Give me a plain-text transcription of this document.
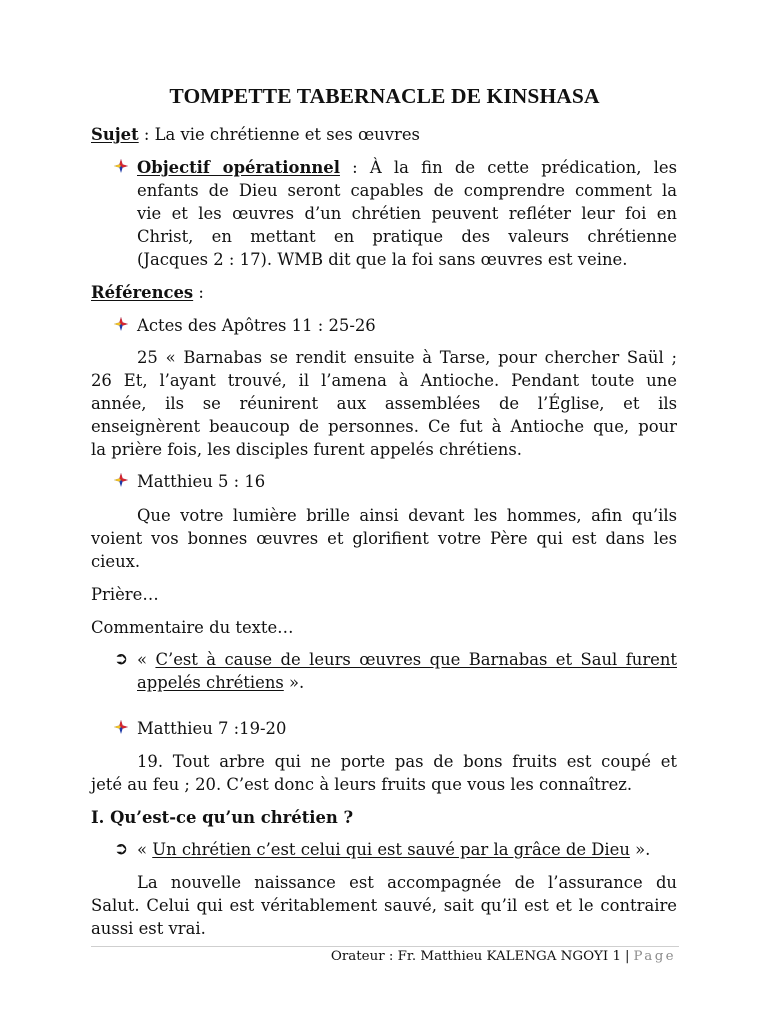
TOMPETTE TABERNACLE DE KINSHASA
Sujet : La vie chrétienne et ses œuvres
Objectif opérationnel : À la fin de cette prédication, les
enfants de Dieu seront capables de comprendre comment la
vie et les œuvres d’un chrétien peuvent refléter leur foi en
Christ, en mettant en pratique des valeurs chrétienne
(Jacques 2 : 17). WMB dit que la foi sans œuvres est veine.
Références :
Actes des Apôtres 11 : 25-26
25 « Barnabas se rendit ensuite à Tarse, pour chercher Saül ;
26 Et, l’ayant trouvé, il l’amena à Antioche. Pendant toute une
année, ils se réunirent aux assemblées de l’Église, et ils
enseignèrent beaucoup de personnes. Ce fut à Antioche que, pour
la prière fois, les disciples furent appelés chrétiens.
Matthieu 5 : 16
Que votre lumière brille ainsi devant les hommes, afin qu’ils
voient vos bonnes œuvres et glorifient votre Père qui est dans les
cieux.
Prière…
Commentaire du texte…
➲ « C’est à cause de leurs œuvres que Barnabas et Saul furent
appelés chrétiens ».
Matthieu 7 :19-20
19. Tout arbre qui ne porte pas de bons fruits est coupé et
jeté au feu ; 20. C’est donc à leurs fruits que vous les connaîtrez.
I. Qu’est-ce qu’un chrétien ?
➲ « Un chrétien c’est celui qui est sauvé par la grâce de Dieu ».
La nouvelle naissance est accompagnée de l’assurance du
Salut. Celui qui est véritablement sauvé, sait qu’il est et le contraire
aussi est vrai.
Orateur : Fr. Matthieu KALENGA NGOYI 1 | Page
